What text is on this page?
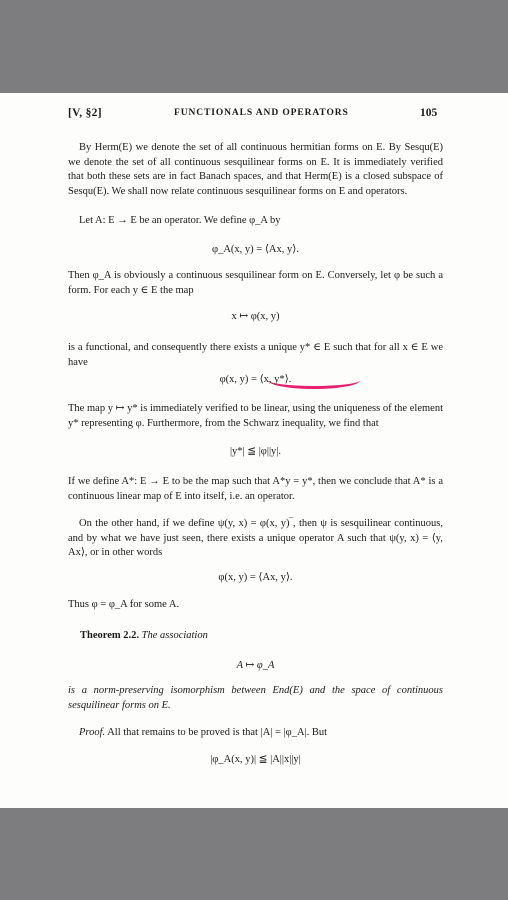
[V, §2]	FUNCTIONALS AND OPERATORS	105
By Herm(E) we denote the set of all continuous hermitian forms on E. By Sesqu(E) we denote the set of all continuous sesquilinear forms on E. It is immediately verified that both these sets are in fact Banach spaces, and that Herm(E) is a closed subspace of Sesqu(E). We shall now relate continuous sesquilinear forms on E and operators.
Let A: E → E be an operator. We define φ_A by
φ_A(x, y) = ⟨Ax, y⟩.
Then φ_A is obviously a continuous sesquilinear form on E. Conversely, let φ be such a form. For each y ∈ E the map
x ↦ φ(x, y)
is a functional, and consequently there exists a unique y* ∈ E such that for all x ∈ E we have
φ(x, y) = ⟨x, y*⟩.
The map y ↦ y* is immediately verified to be linear, using the uniqueness of the element y* representing φ. Furthermore, from the Schwarz inequality, we find that
|y*| ≦ |φ||y|.
If we define A*: E → E to be the map such that A*y = y*, then we conclude that A* is a continuous linear map of E into itself, i.e. an operator.
On the other hand, if we define ψ(y, x) = φ(x, y)‾, then ψ is sesquilinear continuous, and by what we have just seen, there exists a unique operator A such that ψ(y, x) = ⟨y, Ax⟩, or in other words
φ(x, y) = ⟨Ax, y⟩.
Thus φ = φ_A for some A.
Theorem 2.2. The association
A ↦ φ_A
is a norm-preserving isomorphism between End(E) and the space of continuous sesquilinear forms on E.
Proof. All that remains to be proved is that |A| = |φ_A|. But
|φ_A(x, y)| ≦ |A||x||y|
